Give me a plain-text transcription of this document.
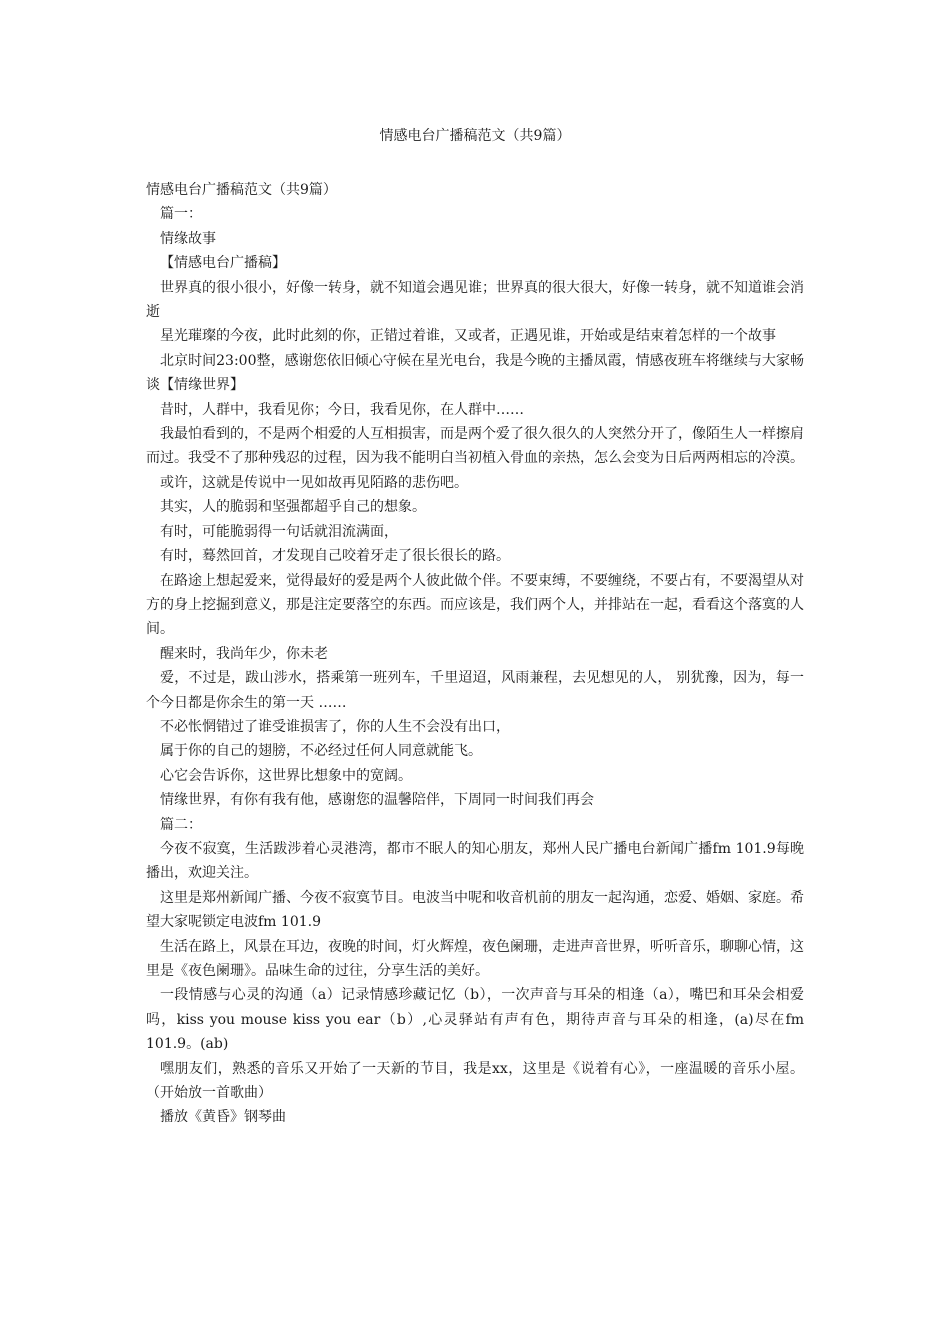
情感电台广播稿范文（共9篇）

情感电台广播稿范文（共9篇）

篇一：

情缘故事

【情感电台广播稿】

世界真的很小很小，好像一转身，就不知道会遇见谁；世界真的很大很大，好像一转身，就不知道谁会消逝

星光璀璨的今夜，此时此刻的你，正错过着谁，又或者，正遇见谁，开始或是结束着怎样的一个故事

北京时间23:00整，感谢您依旧倾心守候在星光电台，我是今晚的主播凤霞，情感夜班车将继续与大家畅谈【情缘世界】

昔时，人群中，我看见你；今日，我看见你，在人群中……

我最怕看到的，不是两个相爱的人互相损害，而是两个爱了很久很久的人突然分开了，像陌生人一样擦肩而过。我受不了那种残忍的过程，因为我不能明白当初植入骨血的亲热，怎么会变为日后两两相忘的冷漠。

或许，这就是传说中一见如故再见陌路的悲伤吧。

其实，人的脆弱和坚强都超乎自己的想象。

有时，可能脆弱得一句话就泪流满面，

有时，蓦然回首，才发现自己咬着牙走了很长很长的路。

在路途上想起爱来，觉得最好的爱是两个人彼此做个伴。不要束缚，不要缠绕，不要占有，不要渴望从对方的身上挖掘到意义，那是注定要落空的东西。而应该是，我们两个人，并排站在一起，看看这个落寞的人间。

醒来时，我尚年少，你未老

爱，不过是，跋山涉水，搭乘第一班列车，千里迢迢，风雨兼程，去见想见的人， 别犹豫，因为，每一个今日都是你余生的第一天 ……

不必怅惘错过了谁受谁损害了，你的人生不会没有出口，

属于你的自己的翅膀，不必经过任何人同意就能飞。

心它会告诉你，这世界比想象中的宽阔。

情缘世界，有你有我有他，感谢您的温馨陪伴，下周同一时间我们再会

篇二：

今夜不寂寞，生活跋涉着心灵港湾，都市不眠人的知心朋友，郑州人民广播电台新闻广播fm 101.9每晚播出，欢迎关注。

这里是郑州新闻广播、今夜不寂寞节目。电波当中呢和收音机前的朋友一起沟通，恋爱、婚姻、家庭。希望大家呢锁定电波fm 101.9

生活在路上，风景在耳边，夜晚的时间，灯火辉煌，夜色阑珊，走进声音世界，听听音乐，聊聊心情，这里是《夜色阑珊》。品味生命的过往，分享生活的美好。

一段情感与心灵的沟通（a）记录情感珍藏记忆（b），一次声音与耳朵的相逢（a），嘴巴和耳朵会相爱吗，kiss you mouse kiss you ear（b）,心灵驿站有声有色，期待声音与耳朵的相逢，(a)尽在fm 101.9。(ab)

嘿朋友们，熟悉的音乐又开始了一天新的节目，我是xx，这里是《说着有心》，一座温暖的音乐小屋。（开始放一首歌曲）

播放《黄昏》钢琴曲
